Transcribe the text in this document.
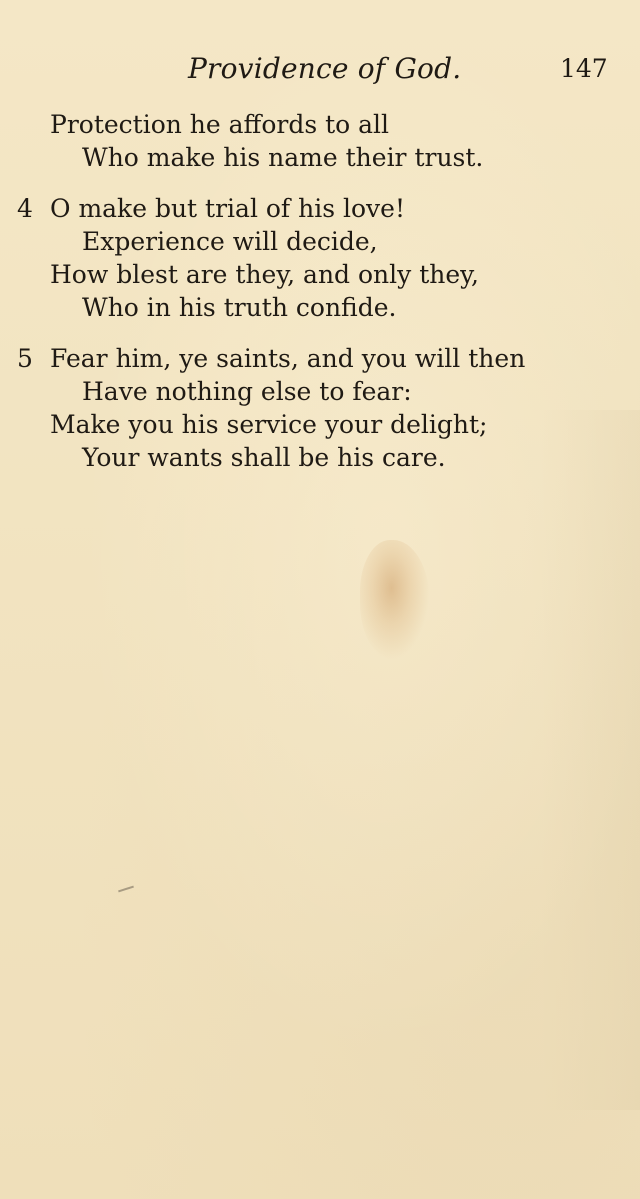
Providence of God.	147
Protection he affords to all
Who make his name their trust.
4 O make but trial of his love!
Experience will decide,
How blest are they, and only they,
Who in his truth confide.
5 Fear him, ye saints, and you will then
Have nothing else to fear:
Make you his service your delight;
Your wants shall be his care.
